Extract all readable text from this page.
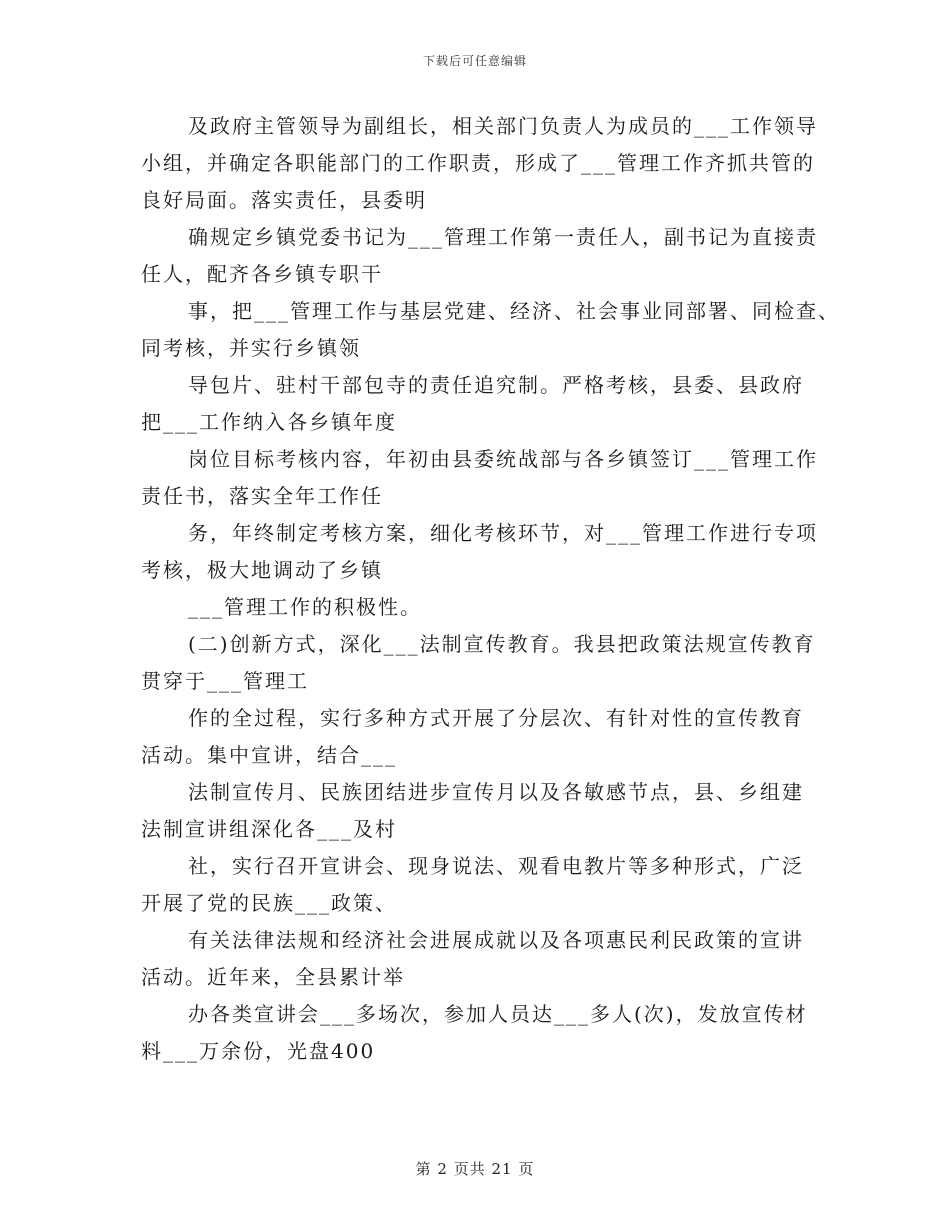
下载后可任意编辑
及政府主管领导为副组长，相关部门负责人为成员的___工作领导
小组，并确定各职能部门的工作职责，形成了___管理工作齐抓共管的
良好局面。落实责任，县委明
确规定乡镇党委书记为___管理工作第一责任人，副书记为直接责
任人，配齐各乡镇专职干
事，把___管理工作与基层党建、经济、社会事业同部署、同检查、
同考核，并实行乡镇领
导包片、驻村干部包寺的责任追究制。严格考核，县委、县政府
把___工作纳入各乡镇年度
岗位目标考核内容，年初由县委统战部与各乡镇签订___管理工作
责任书，落实全年工作任
务，年终制定考核方案，细化考核环节，对___管理工作进行专项
考核，极大地调动了乡镇
___管理工作的积极性。
(二)创新方式，深化___法制宣传教育。我县把政策法规宣传教育
贯穿于___管理工
作的全过程，实行多种方式开展了分层次、有针对性的宣传教育
活动。集中宣讲，结合___
法制宣传月、民族团结进步宣传月以及各敏感节点，县、乡组建
法制宣讲组深化各___及村
社，实行召开宣讲会、现身说法、观看电教片等多种形式，广泛
开展了党的民族___政策、
有关法律法规和经济社会进展成就以及各项惠民利民政策的宣讲
活动。近年来，全县累计举
办各类宣讲会___多场次，参加人员达___多人(次)，发放宣传材
料___万余份，光盘400
第 2 页共 21 页
